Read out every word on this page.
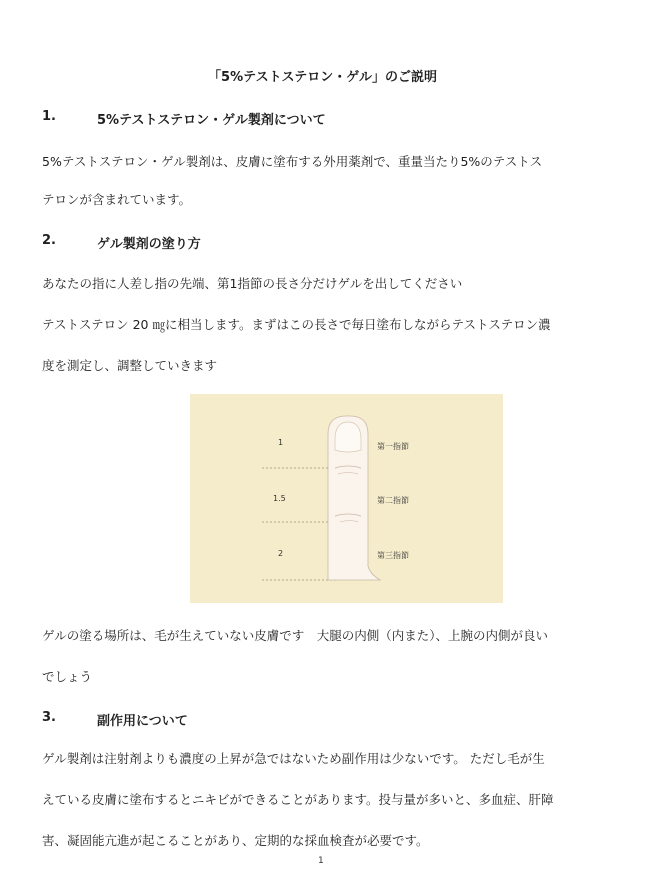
「5%テストステロン・ゲル」のご説明
1.	5%テストステロン・ゲル製剤について
5%テストステロン・ゲル製剤は、皮膚に塗布する外用薬剤で、重量当たり5%のテストス
テロンが含まれています。
2.	ゲル製剤の塗り方
あなたの指に人差し指の先端、第1指節の長さ分だけゲルを出してください
テストステロン 20 ㎎に相当します。まずはこの長さで毎日塗布しながらテストステロン濃
度を測定し、調整していきます
1
1.5
2
第一指節
第二指節
第三指節
ゲルの塗る場所は、毛が生えていない皮膚です　大腿の内側（内また）、上腕の内側が良い
でしょう
3.	副作用について
ゲル製剤は注射剤よりも濃度の上昇が急ではないため副作用は少ないです。 ただし毛が生
えている皮膚に塗布するとニキビができることがあります。投与量が多いと、多血症、肝障
害、凝固能亢進が起こることがあり、定期的な採血検査が必要です。
1
